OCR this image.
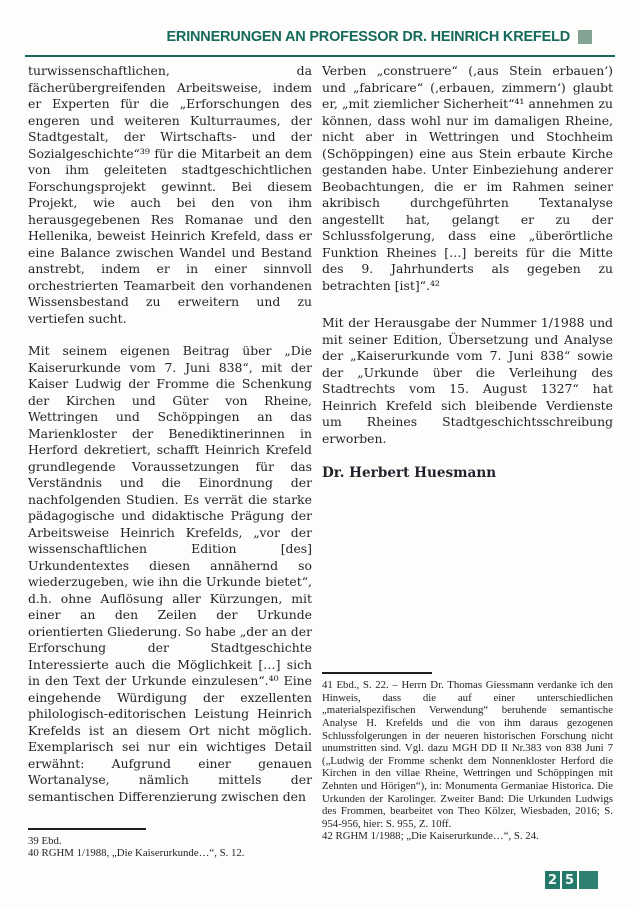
ERINNERUNGEN AN PROFESSOR DR. HEINRICH KREFELD
turwissenschaftlichen, da fächerübergreifenden Arbeitsweise, indem er Experten für die „Erforschungen des engeren und weiteren Kulturraumes, der Stadtgestalt, der Wirtschafts- und der Sozialgeschichte“³⁹ für die Mitarbeit an dem von ihm geleiteten stadtgeschichtlichen Forschungsprojekt gewinnt. Bei diesem Projekt, wie auch bei den von ihm herausgegebenen Res Romanae und den Hellenika, beweist Heinrich Krefeld, dass er eine Balance zwischen Wandel und Bestand anstrebt, indem er in einer sinnvoll orchestrierten Teamarbeit den vorhandenen Wissensbestand zu erweitern und zu vertiefen sucht.
Mit seinem eigenen Beitrag über „Die Kaiserurkunde vom 7. Juni 838“, mit der Kaiser Ludwig der Fromme die Schenkung der Kirchen und Güter von Rheine, Wettringen und Schöppingen an das Marienkloster der Benediktinerinnen in Herford dekretiert, schafft Heinrich Krefeld grundlegende Voraussetzungen für das Verständnis und die Einordnung der nachfolgenden Studien. Es verrät die starke pädagogische und didaktische Prägung der Arbeitsweise Heinrich Krefelds, „vor der wissenschaftlichen Edition [des] Urkundentextes diesen annähernd so wiederzugeben, wie ihn die Urkunde bietet“, d.h. ohne Auflösung aller Kürzungen, mit einer an den Zeilen der Urkunde orientierten Gliederung. So habe „der an der Erforschung der Stadtgeschichte Interessierte auch die Möglichkeit […] sich in den Text der Urkunde einzulesen“.⁴⁰ Eine eingehende Würdigung der exzellenten philologisch-editorischen Leistung Heinrich Krefelds ist an diesem Ort nicht möglich. Exemplarisch sei nur ein wichtiges Detail erwähnt: Aufgrund einer genauen Wortanalyse, nämlich mittels der semantischen Differenzierung zwischen den
39 Ebd.
40 RGHM 1/1988, „Die Kaiserurkunde…“, S. 12.
Verben „construere“ (‚aus Stein erbauen‘) und „fabricare“ (‚erbauen, zimmern‘) glaubt er, „mit ziemlicher Sicherheit“⁴¹ annehmen zu können, dass wohl nur im damaligen Rheine, nicht aber in Wettringen und Stochheim (Schöppingen) eine aus Stein erbaute Kirche gestanden habe. Unter Einbeziehung anderer Beobachtungen, die er im Rahmen seiner akribisch durchgeführten Textanalyse angestellt hat, gelangt er zu der Schlussfolgerung, dass eine „überörtliche Funktion Rheines […] bereits für die Mitte des 9. Jahrhunderts als gegeben zu betrachten [ist]“.⁴²
Mit der Herausgabe der Nummer 1/1988 und mit seiner Edition, Übersetzung und Analyse der „Kaiserurkunde vom 7. Juni 838“ sowie der „Urkunde über die Verleihung des Stadtrechts vom 15. August 1327“ hat Heinrich Krefeld sich bleibende Verdienste um Rheines Stadtgeschichtsschreibung erworben.
Dr. Herbert Huesmann
41 Ebd., S. 22. – Herrn Dr. Thomas Giessmann verdanke ich den Hinweis, dass die auf einer unterschiedlichen „materialspezifischen Verwendung“ beruhende semantische Analyse H. Krefelds und die von ihm daraus gezogenen Schlussfolgerungen in der neueren historischen Forschung nicht unumstritten sind. Vgl. dazu MGH DD II Nr.383 von 838 Juni 7 („Ludwig der Fromme schenkt dem Nonnenkloster Herford die Kirchen in den villae Rheine, Wettringen und Schöppingen mit Zehnten und Hörigen“), in: Monumenta Germaniae Historica. Die Urkunden der Karolinger. Zweiter Band: Die Urkunden Ludwigs des Frommen, bearbeitet von Theo Kölzer, Wiesbaden, 2016; S. 954-956, hier: S. 955, Z. 10ff.
42 RGHM 1/1988; „Die Kaiserurkunde…“, S. 24.
2 5
